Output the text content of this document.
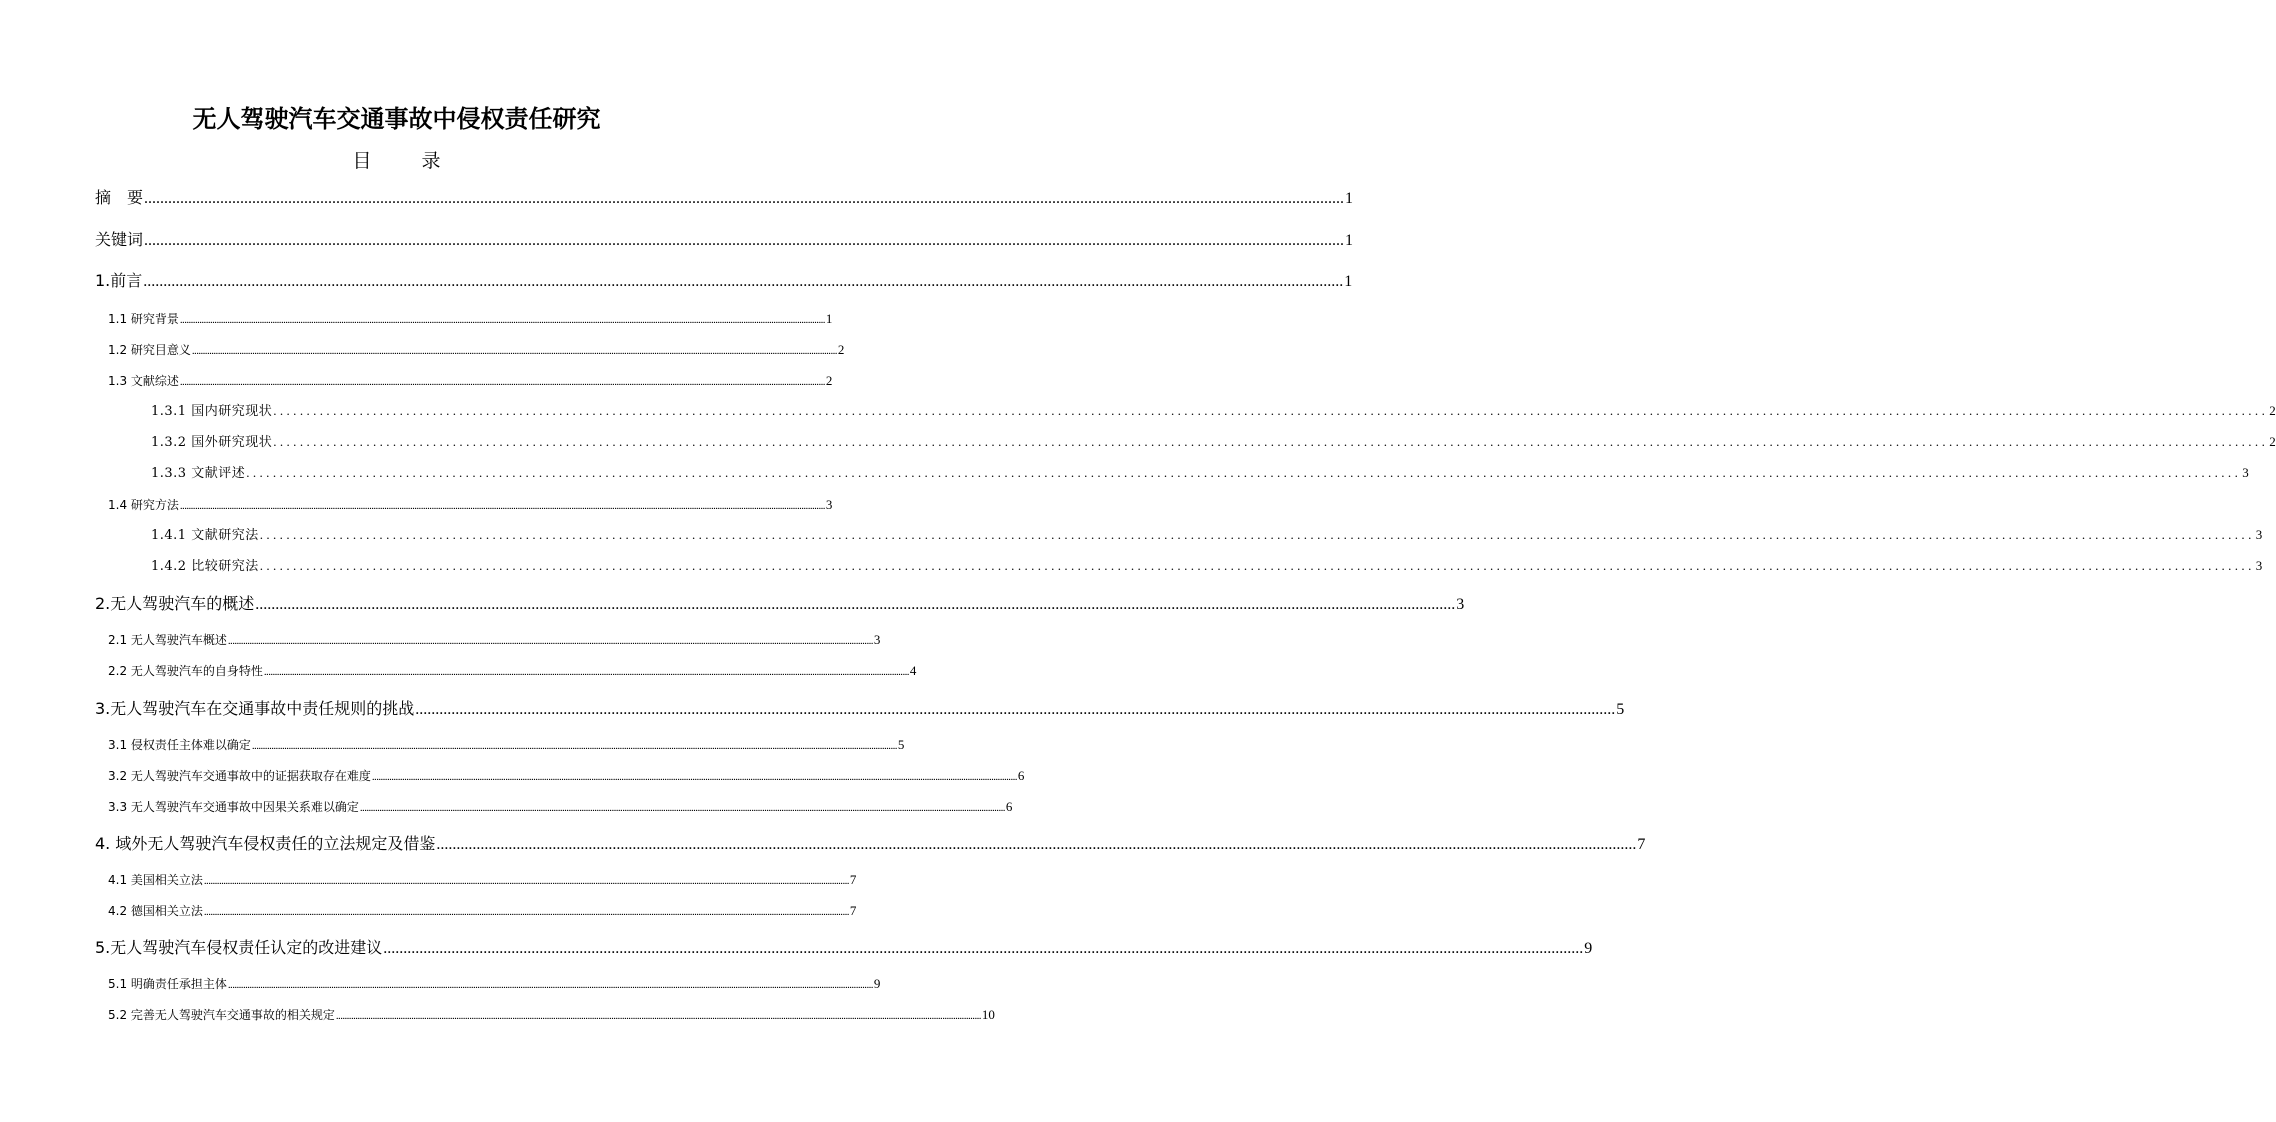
无人驾驶汽车交通事故中侵权责任研究
目 录
摘　要 ............................................................................................................................................................................................................................................................................................................ 1
关键词 ............................................................................................................................................................................................................................................................................................................ 1
1.前言 ............................................................................................................................................................................................................................................................................................................ 1
1.1 研究背景 ............................................................................................................................................................................................................................................................................................................ 1
1.2 研究目意义 ............................................................................................................................................................................................................................................................................................................ 2
1.3 文献综述 ............................................................................................................................................................................................................................................................................................................ 2
1.3.1 国内研究现状 ............................................................................................................................................................................................................................................................................................................ 2
1.3.2 国外研究现状 ............................................................................................................................................................................................................................................................................................................ 2
1.3.3 文献评述 ............................................................................................................................................................................................................................................................................................................ 3
1.4 研究方法 ............................................................................................................................................................................................................................................................................................................ 3
1.4.1 文献研究法 ............................................................................................................................................................................................................................................................................................................ 3
1.4.2 比较研究法 ............................................................................................................................................................................................................................................................................................................ 3
2.无人驾驶汽车的概述 ............................................................................................................................................................................................................................................................................................................ 3
2.1 无人驾驶汽车概述 ............................................................................................................................................................................................................................................................................................................ 3
2.2 无人驾驶汽车的自身特性 ............................................................................................................................................................................................................................................................................................................ 4
3.无人驾驶汽车在交通事故中责任规则的挑战 ............................................................................................................................................................................................................................................................................................................ 5
3.1 侵权责任主体难以确定 ............................................................................................................................................................................................................................................................................................................ 5
3.2 无人驾驶汽车交通事故中的证据获取存在难度 ............................................................................................................................................................................................................................................................................................................ 6
3.3 无人驾驶汽车交通事故中因果关系难以确定 ............................................................................................................................................................................................................................................................................................................ 6
4. 域外无人驾驶汽车侵权责任的立法规定及借鉴 ............................................................................................................................................................................................................................................................................................................ 7
4.1 美国相关立法 ............................................................................................................................................................................................................................................................................................................ 7
4.2 德国相关立法 ............................................................................................................................................................................................................................................................................................................ 7
5.无人驾驶汽车侵权责任认定的改进建议 ............................................................................................................................................................................................................................................................................................................ 9
5.1 明确责任承担主体 ............................................................................................................................................................................................................................................................................................................ 9
5.2 完善无人驾驶汽车交通事故的相关规定 ............................................................................................................................................................................................................................................................................................................ 10
